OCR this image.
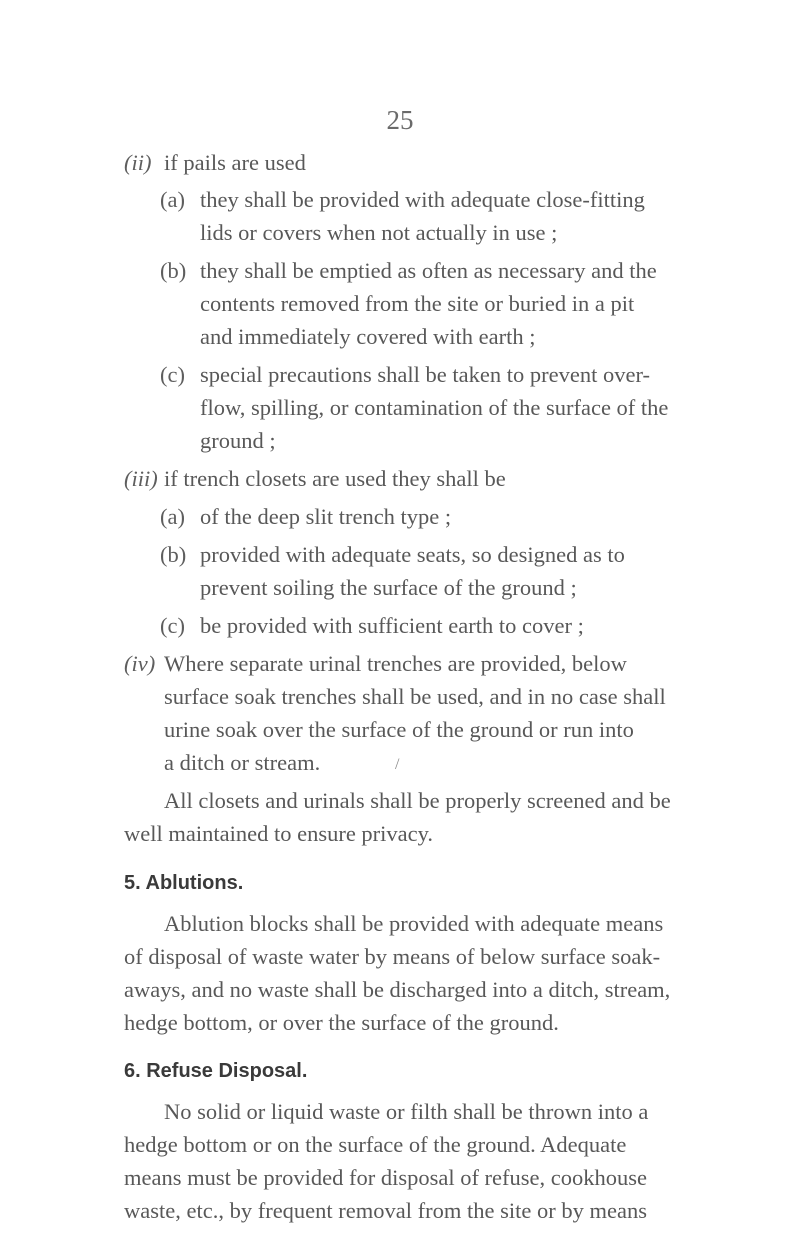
25
(ii) if pails are used
(a) they shall be provided with adequate close-fitting
lids or covers when not actually in use ;
(b) they shall be emptied as often as necessary and the
contents removed from the site or buried in a pit
and immediately covered with earth ;
(c) special precautions shall be taken to prevent over-
flow, spilling, or contamination of the surface of the
ground ;
(iii) if trench closets are used they shall be
(a) of the deep slit trench type ;
(b) provided with adequate seats, so designed as to
prevent soiling the surface of the ground ;
(c) be provided with sufficient earth to cover ;
(iv) Where separate urinal trenches are provided, below
surface soak trenches shall be used, and in no case shall
urine soak over the surface of the ground or run into
a ditch or stream.	/
All closets and urinals shall be properly screened and be
well maintained to ensure privacy.
5. Ablutions.
Ablution blocks shall be provided with adequate means
of disposal of waste water by means of below surface soak-
aways, and no waste shall be discharged into a ditch, stream,
hedge bottom, or over the surface of the ground.
6. Refuse Disposal.
No solid or liquid waste or filth shall be thrown into a
hedge bottom or on the surface of the ground. Adequate
means must be provided for disposal of refuse, cookhouse
waste, etc., by frequent removal from the site or by means
